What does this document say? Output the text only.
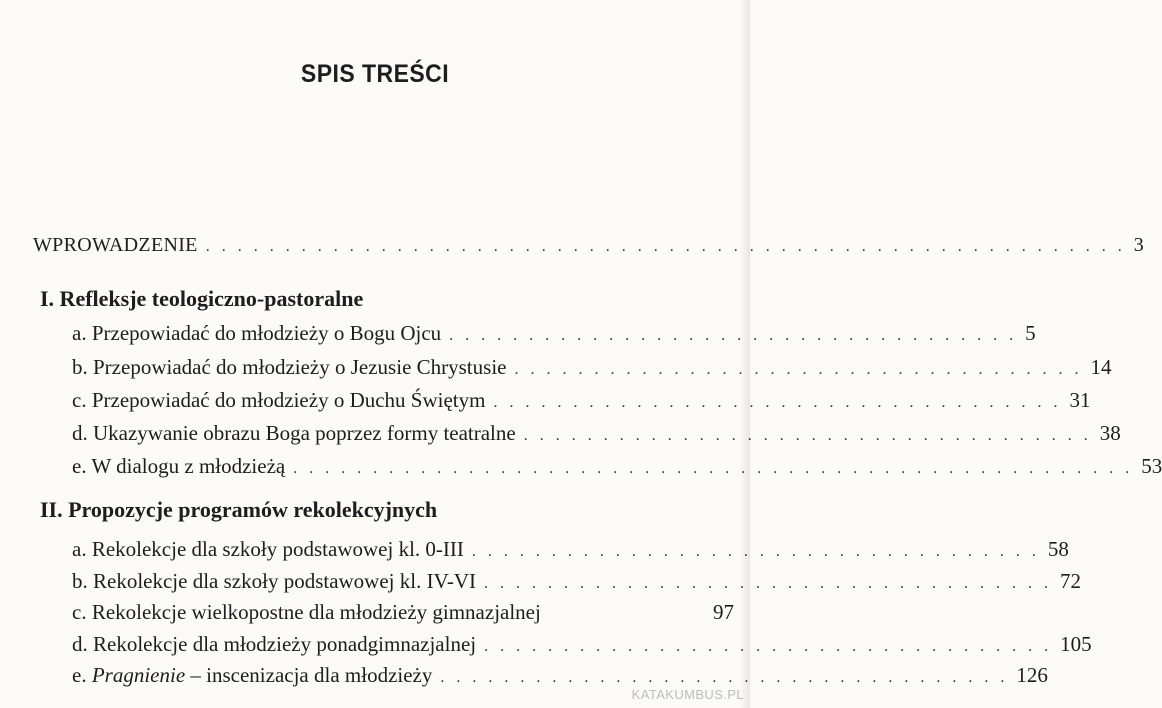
SPIS TREŚCI
WPROWADZENIE . . . . . . . . . . . . . . . . . . . . . . . . . . . . . . . . . . . . . . . . . . . . . . . . . . . . . . . . . . 3
I. Refleksje teologiczno-pastoralne
a. Przepowiadać do młodzieży o Bogu Ojcu . . . . . . . . . . . . . . . . . . . . . . . . . . . . . . . . . . . . 5
b. Przepowiadać do młodzieży o Jezusie Chrystusie . . . . . . . . . . . . . . . . . . . . . . . . . . . . . . . . . . . . 14
c. Przepowiadać do młodzieży o Duchu Świętym . . . . . . . . . . . . . . . . . . . . . . . . . . . . . . . . . . . . 31
d. Ukazywanie obrazu Boga poprzez formy teatralne . . . . . . . . . . . . . . . . . . . . . . . . . . . . . . . . . . . . 38
e. W dialogu z młodzieżą . . . . . . . . . . . . . . . . . . . . . . . . . . . . . . . . . . . . . . . . . . . . . . . . . . . . . 53
II. Propozycje programów rekolekcyjnych
a. Rekolekcje dla szkoły podstawowej kl. 0-III . . . . . . . . . . . . . . . . . . . . . . . . . . . . . . . . . . . . 58
b. Rekolekcje dla szkoły podstawowej kl. IV-VI . . . . . . . . . . . . . . . . . . . . . . . . . . . . . . . . . . . . 72
c. Rekolekcje wielkopostne dla młodzieży gimnazjalnej	97
d. Rekolekcje dla młodzieży ponadgimnazjalnej . . . . . . . . . . . . . . . . . . . . . . . . . . . . . . . . . . . . 105
e. Pragnienie – inscenizacja dla młodzieży . . . . . . . . . . . . . . . . . . . . . . . . . . . . . . . . . . . . 126
KATAKUMBUS.PL
